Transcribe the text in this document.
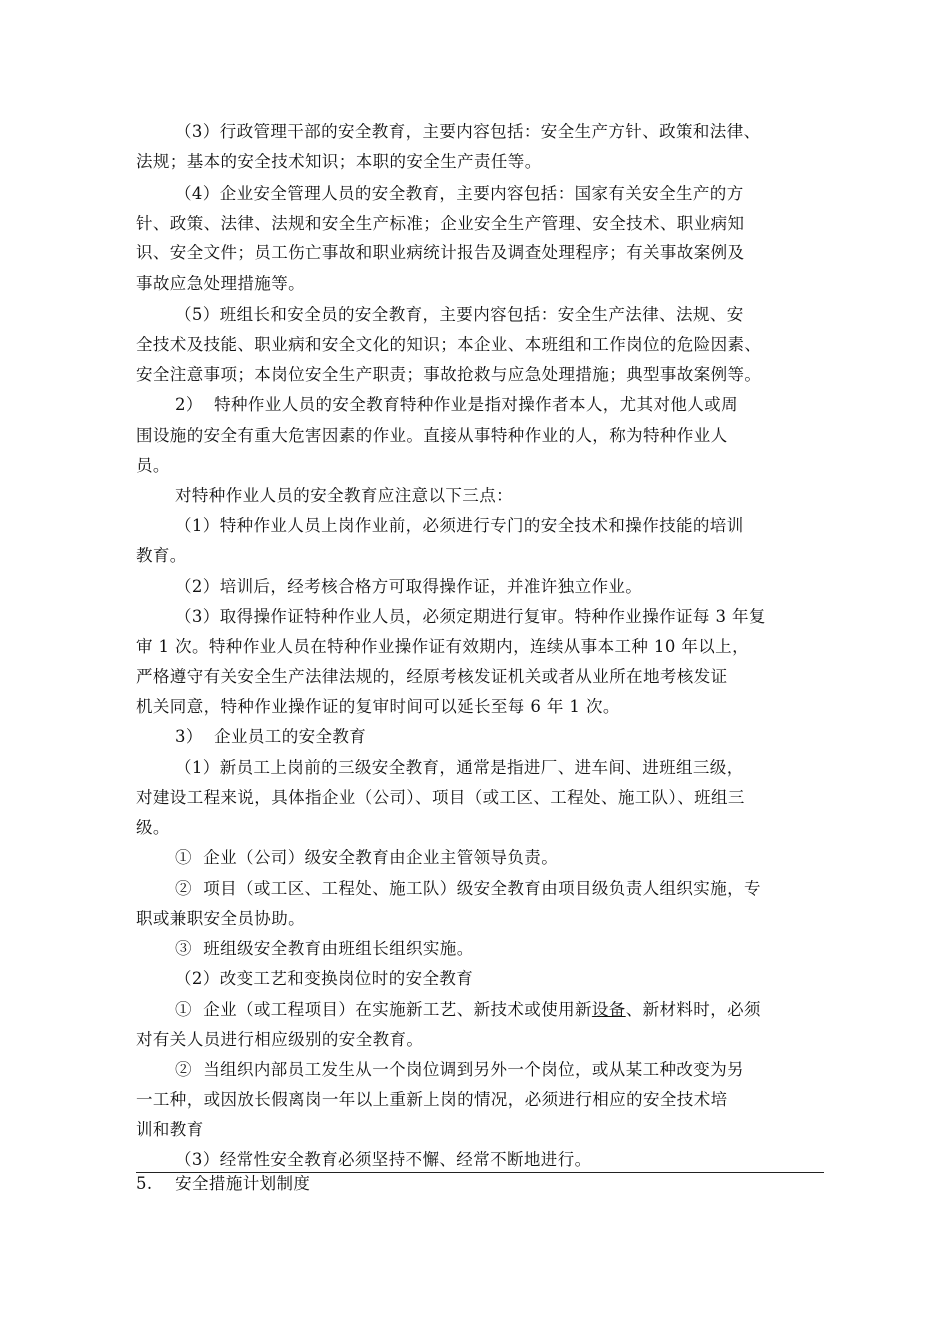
（3）行政管理干部的安全教育，主要内容包括：安全生产方针、政策和法律、
法规；基本的安全技术知识；本职的安全生产责任等。
（4）企业安全管理人员的安全教育，主要内容包括：国家有关安全生产的方
针、政策、法律、法规和安全生产标准；企业安全生产管理、安全技术、职业病知
识、安全文件；员工伤亡事故和职业病统计报告及调查处理程序；有关事故案例及
事故应急处理措施等。
（5）班组长和安全员的安全教育，主要内容包括：安全生产法律、法规、安
全技术及技能、职业病和安全文化的知识；本企业、本班组和工作岗位的危险因素、
安全注意事项；本岗位安全生产职责；事故抢救与应急处理措施；典型事故案例等。
2）  特种作业人员的安全教育特种作业是指对操作者本人，尤其对他人或周
围设施的安全有重大危害因素的作业。直接从事特种作业的人，称为特种作业人
员。
对特种作业人员的安全教育应注意以下三点：
（1）特种作业人员上岗作业前，必须进行专门的安全技术和操作技能的培训
教育。
（2）培训后，经考核合格方可取得操作证，并准许独立作业。
（3）取得操作证特种作业人员，必须定期进行复审。特种作业操作证每 3 年复
审 1 次。特种作业人员在特种作业操作证有效期内，连续从事本工种 10 年以上，
严格遵守有关安全生产法律法规的，经原考核发证机关或者从业所在地考核发证
机关同意，特种作业操作证的复审时间可以延长至每 6 年 1 次。
3）  企业员工的安全教育
（1）新员工上岗前的三级安全教育，通常是指进厂、进车间、进班组三级，
对建设工程来说，具体指企业（公司）、项目（或工区、工程处、施工队）、班组三
级。
①  企业（公司）级安全教育由企业主管领导负责。
②  项目（或工区、工程处、施工队）级安全教育由项目级负责人组织实施，专
职或兼职安全员协助。
③  班组级安全教育由班组长组织实施。
（2）改变工艺和变换岗位时的安全教育
①  企业（或工程项目）在实施新工艺、新技术或使用新设备、新材料时，必须
对有关人员进行相应级别的安全教育。
②  当组织内部员工发生从一个岗位调到另外一个岗位，或从某工种改变为另
一工种，或因放长假离岗一年以上重新上岗的情况，必须进行相应的安全技术培
训和教育
（3）经常性安全教育必须坚持不懈、经常不断地进行。
5.    安全措施计划制度
